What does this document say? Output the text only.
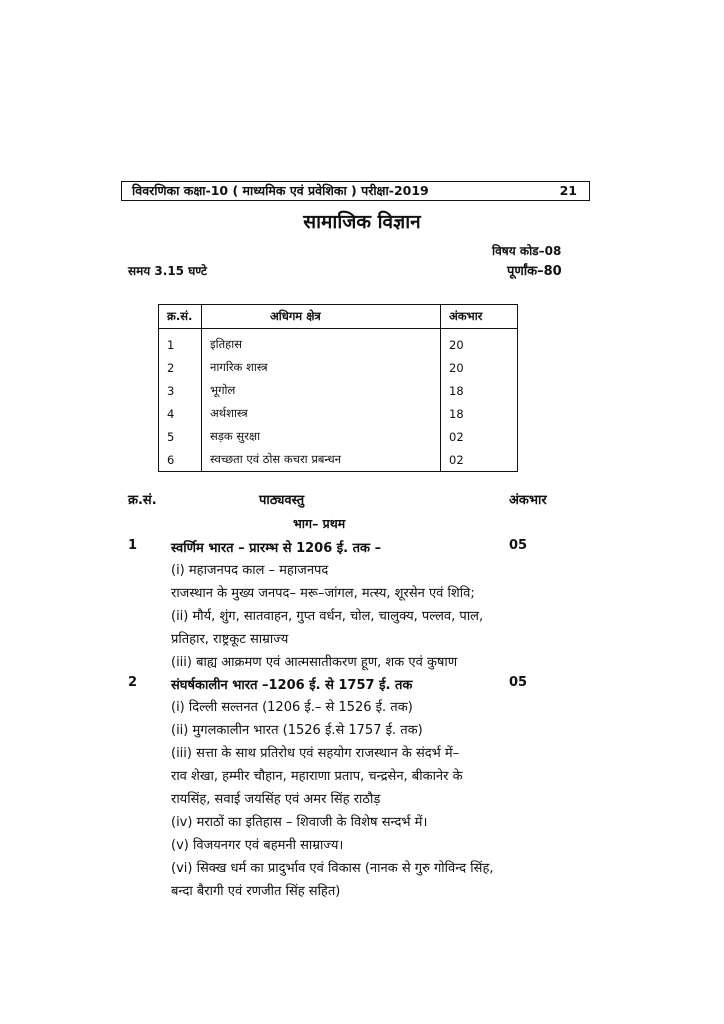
विवरणिका कक्षा-10 ( माध्यमिक एवं प्रवेशिका ) परीक्षा-2019	21
सामाजिक विज्ञान
विषय कोड–08
समय 3.15 घण्टे	पूर्णांक–80
क्र.सं.	अधिगम क्षेत्र	अंकभार
1	इतिहास	20
2	नागरिक शास्त्र	20
3	भूगोल	18
4	अर्थशास्त्र	18
5	सड़क सुरक्षा	02
6	स्वच्छता एवं ठोस कचरा प्रबन्धन	02
क्र.सं.	पाठ्यवस्तु	अंकभार
भाग– प्रथम
1	स्वर्णिम भारत – प्रारम्भ से 1206 ई. तक –	05
(i) महाजनपद काल – महाजनपद
राजस्थान के मुख्य जनपद– मरू–जांगल, मत्स्य, शूरसेन एवं शिवि;
(ii) मौर्य, शुंग, सातवाहन, गुप्त वर्धन, चोल, चालुक्य, पल्लव, पाल,
प्रतिहार, राष्ट्रकूट साम्राज्य
(iii) बाह्य आक्रमण एवं आत्मसातीकरण हूण, शक एवं कुषाण
2	संघर्षकालीन भारत –1206 ई. से 1757 ई. तक	05
(i) दिल्ली सल्तनत (1206 ई.– से 1526 ई. तक)
(ii) मुगलकालीन भारत (1526 ई.से 1757 ई. तक)
(iii) सत्ता के साथ प्रतिरोध एवं सहयोग राजस्थान के संदर्भ में–
राव शेखा, हम्मीर चौहान, महाराणा प्रताप, चन्द्रसेन, बीकानेर के
रायसिंह, सवाई जयसिंह एवं अमर सिंह राठौड़
(iv) मराठों का इतिहास – शिवाजी के विशेष सन्दर्भ में।
(v) विजयनगर एवं बहमनी साम्राज्य।
(vi) सिक्ख धर्म का प्रादुर्भाव एवं विकास (नानक से गुरु गोविन्द सिंह,
बन्दा बैरागी एवं रणजीत सिंह सहित)
